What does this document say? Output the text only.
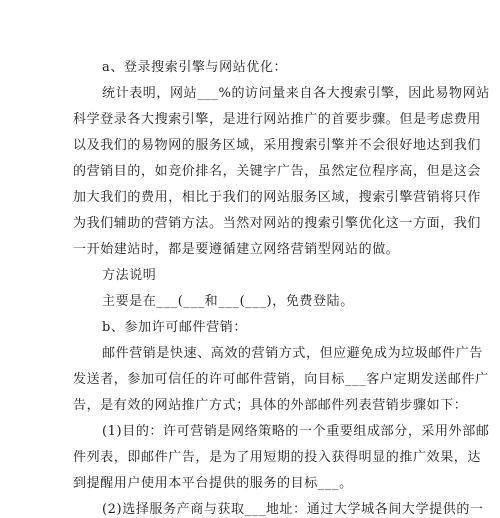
a、登录搜索引擎与网站优化：
统计表明，网站___%的访问量来自各大搜索引擎，因此易物网站
科学登录各大搜索引擎，是进行网站推广的首要步骤。但是考虑费用
以及我们的易物网的服务区域，采用搜索引擎并不会很好地达到我们
的营销目的，如竞价排名，关键字广告，虽然定位程序高，但是这会
加大我们的费用，相比于我们的网站服务区域，搜索引擎营销将只作
为我们辅助的营销方法。当然对网站的搜索引擎优化这一方面，我们
一开始建站时，都是要遵循建立网络营销型网站的做。
方法说明
主要是在___(___和___(___)，免费登陆。
b、参加许可邮件营销：
邮件营销是快速、高效的营销方式，但应避免成为垃圾邮件广告
发送者，参加可信任的许可邮件营销，向目标___客户定期发送邮件广
告，是有效的网站推广方式；具体的外部邮件列表营销步骤如下：
(1)目的：许可营销是网络策略的一个重要组成部分，采用外部邮
件列表，即邮件广告，是为了用短期的投入获得明显的推广效果，达
到提醒用户使用本平台提供的服务的目标___。
(2)选择服务产商与获取___地址：通过大学城各间大学提供的一
